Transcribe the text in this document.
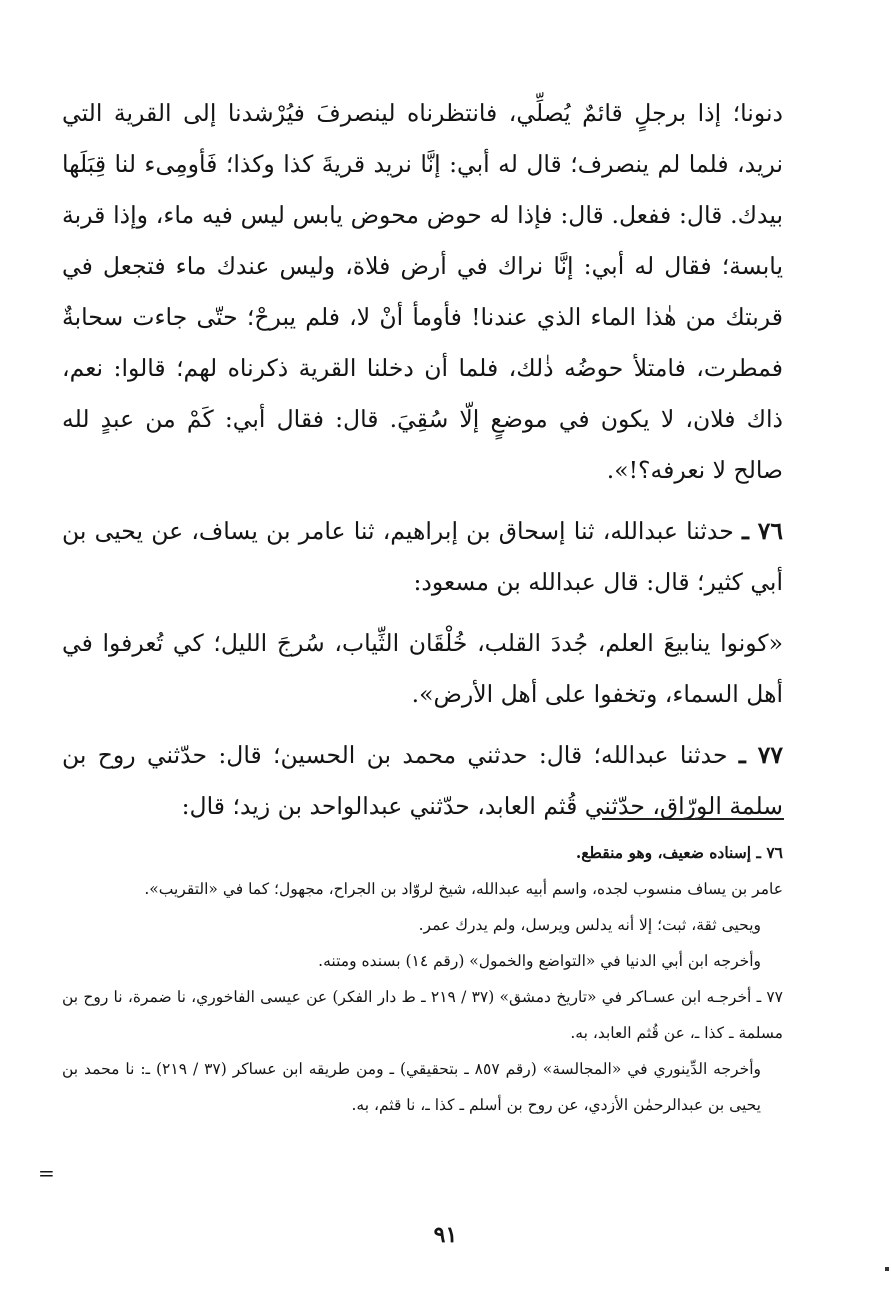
دنونا؛ إذا برجلٍ قائمٌ يُصلِّي، فانتظرناه لينصرفَ فيُرْشدنا إلى القرية التي نريد، فلما لم ينصرف؛ قال له أبي: إنَّا نريد قريةَ كذا وكذا؛ فَأومِىء لنا قِبَلَها بيدك. قال: ففعل. قال: فإذا له حوض محوض يابس ليس فيه ماء، وإذا قربة يابسة؛ فقال له أبي: إنَّا نراك في أرض فلاة، وليس عندك ماء فتجعل في قربتك من هٰذا الماء الذي عندنا! فأومأ أنْ لا، فلم يبرحْ؛ حتّى جاءت سحابةٌ فمطرت، فامتلأ حوضُه ذٰلك، فلما أن دخلنا القرية ذكرناه لهم؛ قالوا: نعم، ذاك فلان، لا يكون في موضعٍ إلّا سُقِيَ. قال: فقال أبي: كَمْ من عبدٍ لله صالح لا نعرفه؟!».

٧٦ ـ حدثنا عبدالله، ثنا إسحاق بن إبراهيم، ثنا عامر بن يساف، عن يحيى بن أبي كثير؛ قال: قال عبدالله بن مسعود:

«كونوا ينابيعَ العلم، جُددَ القلب، خُلْقَان الثِّياب، سُرجَ الليل؛ كي تُعرفوا في أهل السماء، وتخفوا على أهل الأرض».

٧٧ ـ حدثنا عبدالله؛ قال: حدثني محمد بن الحسين؛ قال: حدّثني روح بن سلمة الورّاق، حدّثني قُثم العابد، حدّثني عبدالواحد بن زيد؛ قال:

٧٦ ـ إسناده ضعيف، وهو منقطع.

عامر بن يساف منسوب لجده، واسم أبيه عبدالله، شيخ لروّاد بن الجراح، مجهول؛ كما في «التقريب».

ويحيى ثقة، ثبت؛ إلا أنه يدلس ويرسل، ولم يدرك عمر.

وأخرجه ابن أبي الدنيا في «التواضع والخمول» (رقم ١٤) بسنده ومتنه.

٧٧ ـ أخرجـه ابن عسـاكر في «تاريخ دمشق» (٣٧ / ٢١٩ ـ ط دار الفكر) عن عيسى الفاخوري، نا ضمرة، نا روح بن مسلمة ـ كذا ـ، عن قُثم العابد، به.

وأخرجه الدِّينوري في «المجالسة» (رقم ٨٥٧ ـ بتحقيقي) ـ ومن طريقه ابن عساكر (٣٧ / ٢١٩) ـ: نا محمد بن يحيى بن عبدالرحمٰن الأزدي، عن روح بن أسلم ـ كذا ـ، نا قثم، به.

=
٩١
